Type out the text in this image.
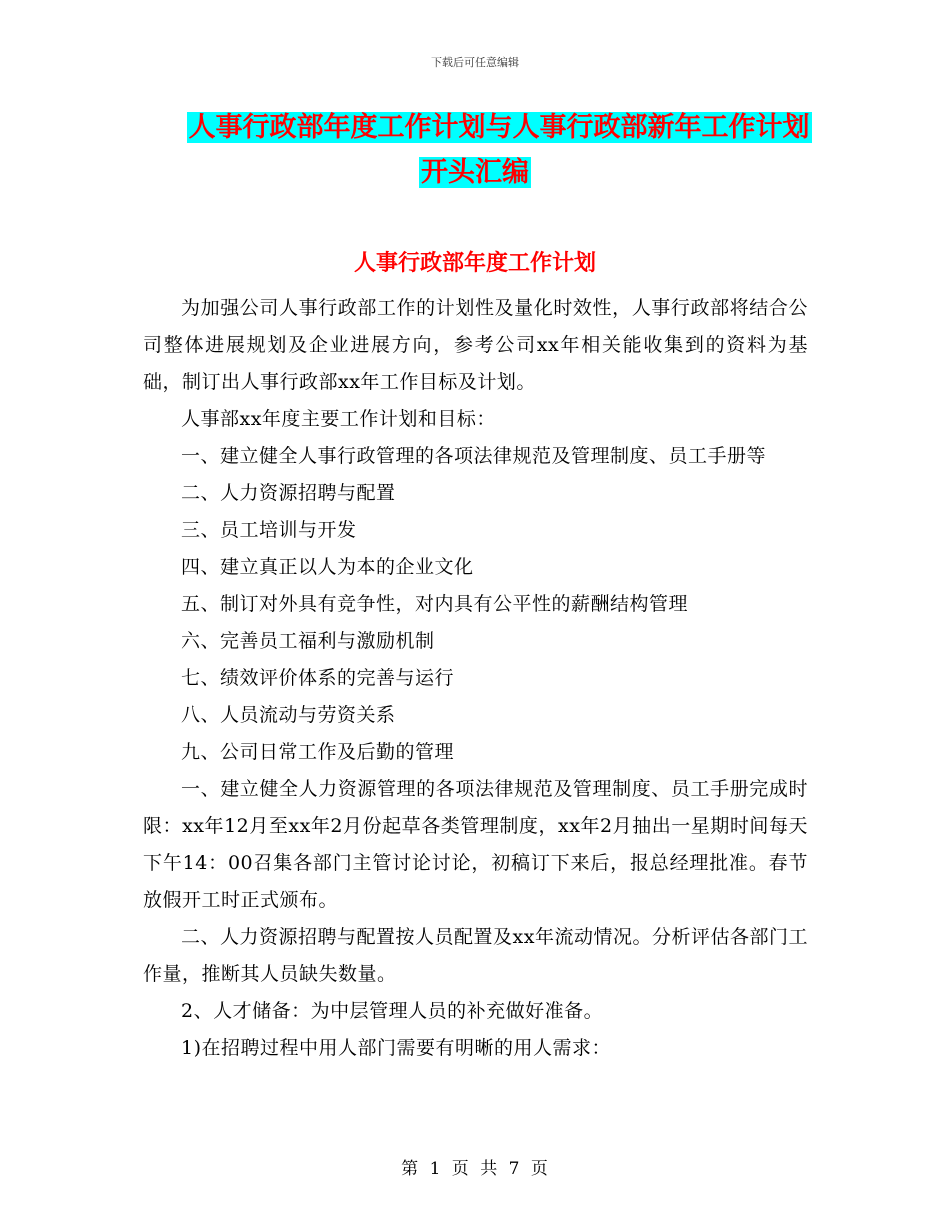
下载后可任意编辑
人事行政部年度工作计划与人事行政部新年工作计划
开头汇编
人事行政部年度工作计划

为加强公司人事行政部工作的计划性及量化时效性，人事行政部将结合公司整体进展规划及企业进展方向，参考公司xx年相关能收集到的资料为基础，制订出人事行政部xx年工作目标及计划。

人事部xx年度主要工作计划和目标：

一、建立健全人事行政管理的各项法律规范及管理制度、员工手册等

二、人力资源招聘与配置

三、员工培训与开发

四、建立真正以人为本的企业文化

五、制订对外具有竞争性，对内具有公平性的薪酬结构管理

六、完善员工福利与激励机制

七、绩效评价体系的完善与运行

八、人员流动与劳资关系

九、公司日常工作及后勤的管理

一、建立健全人力资源管理的各项法律规范及管理制度、员工手册完成时限：xx年12月至xx年2月份起草各类管理制度，xx年2月抽出一星期时间每天下午14：00召集各部门主管讨论讨论，初稿订下来后，报总经理批准。春节放假开工时正式颁布。

二、人力资源招聘与配置按人员配置及xx年流动情况。分析评估各部门工作量，推断其人员缺失数量。

2、人才储备：为中层管理人员的补充做好准备。

1)在招聘过程中用人部门需要有明晰的用人需求：

第 1 页 共 7 页
